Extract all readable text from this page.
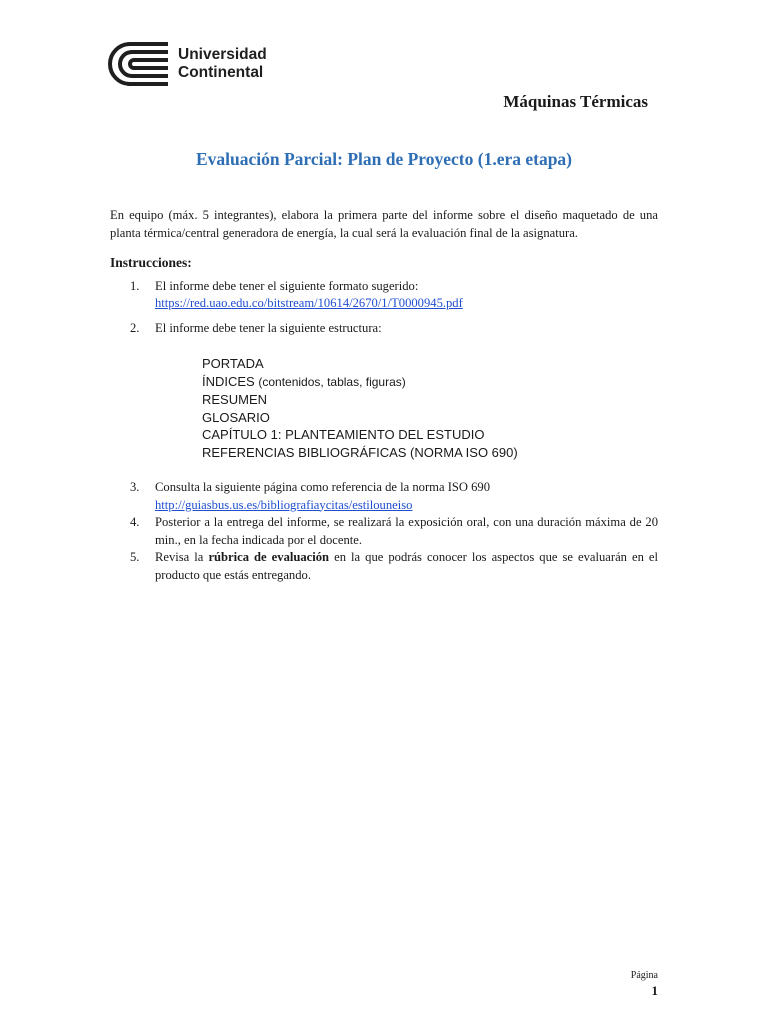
Universidad
Continental
Máquinas Térmicas
Evaluación Parcial: Plan de Proyecto (1.era etapa)

En equipo (máx. 5 integrantes), elabora la primera parte del informe sobre el diseño maquetado de una planta térmica/central generadora de energía, la cual será la evaluación final de la asignatura.

Instrucciones:
1. El informe debe tener el siguiente formato sugerido:
https://red.uao.edu.co/bitstream/10614/2670/1/T0000945.pdf
2. El informe debe tener la siguiente estructura:
PORTADA
ÍNDICES (contenidos, tablas, figuras)
RESUMEN
GLOSARIO
CAPÍTULO 1: PLANTEAMIENTO DEL ESTUDIO
REFERENCIAS BIBLIOGRÁFICAS (NORMA ISO 690)
3. Consulta la siguiente página como referencia de la norma ISO 690
http://guiasbus.us.es/bibliografiaycitas/estilouneiso
4. Posterior a la entrega del informe, se realizará la exposición oral, con una duración máxima de 20 min., en la fecha indicada por el docente.
5. Revisa la rúbrica de evaluación en la que podrás conocer los aspectos que se evaluarán en el producto que estás entregando.
Página
1
